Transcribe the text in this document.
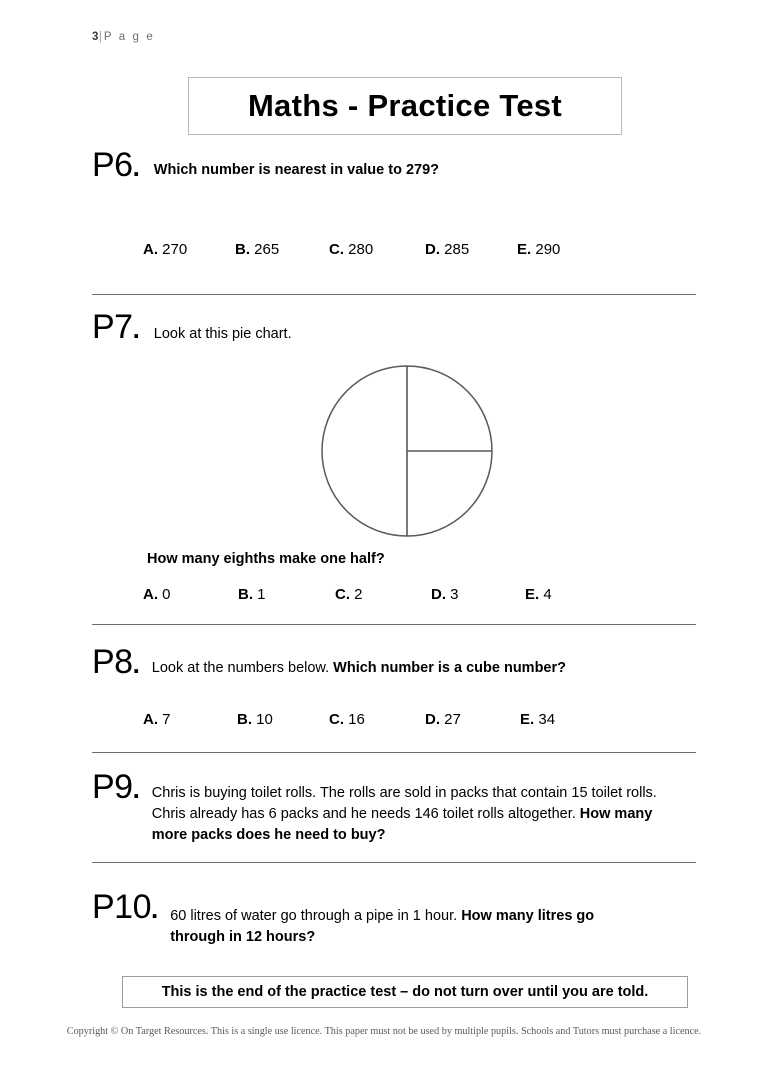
3|P a g e
Maths - Practice Test
P6. Which number is nearest in value to 279?
A. 270	B. 265	C. 280	D. 285	E. 290
P7. Look at this pie chart.
How many eighths make one half?
A. 0	B. 1	C. 2	D. 3	E. 4
P8. Look at the numbers below. Which number is a cube number?
A. 7	B. 10	C. 16	D. 27	E. 34
P9. Chris is buying toilet rolls. The rolls are sold in packs that contain 15 toilet rolls. Chris already has 6 packs and he needs 146 toilet rolls altogether. How many more packs does he need to buy?
P10. 60 litres of water go through a pipe in 1 hour. How many litres go through in 12 hours?
This is the end of the practice test – do not turn over until you are told.
Copyright © On Target Resources. This is a single use licence. This paper must not be used by multiple pupils. Schools and Tutors must purchase a licence.
